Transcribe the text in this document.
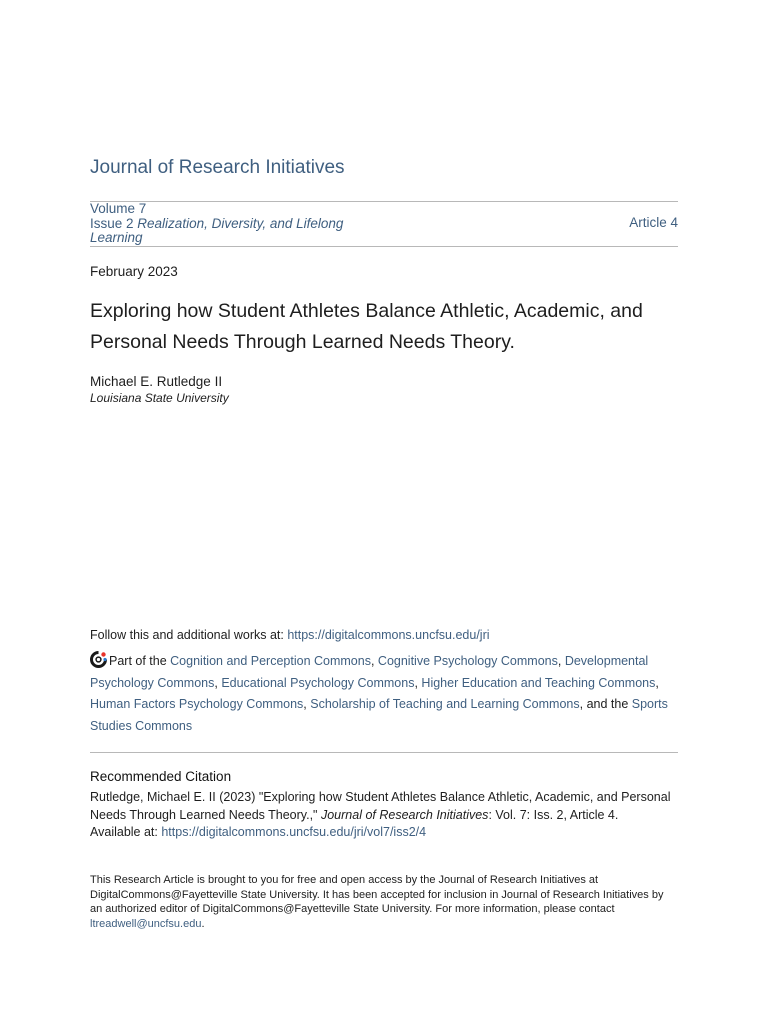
Journal of Research Initiatives
Volume 7
Issue 2 Realization, Diversity, and Lifelong
Learning
Article 4
February 2023
Exploring how Student Athletes Balance Athletic, Academic, and Personal Needs Through Learned Needs Theory.
Michael E. Rutledge II
Louisiana State University
Follow this and additional works at: https://digitalcommons.uncfsu.edu/jri
Part of the Cognition and Perception Commons, Cognitive Psychology Commons, Developmental Psychology Commons, Educational Psychology Commons, Higher Education and Teaching Commons, Human Factors Psychology Commons, Scholarship of Teaching and Learning Commons, and the Sports Studies Commons
Recommended Citation
Rutledge, Michael E. II (2023) "Exploring how Student Athletes Balance Athletic, Academic, and Personal Needs Through Learned Needs Theory.," Journal of Research Initiatives: Vol. 7: Iss. 2, Article 4.
Available at: https://digitalcommons.uncfsu.edu/jri/vol7/iss2/4
This Research Article is brought to you for free and open access by the Journal of Research Initiatives at DigitalCommons@Fayetteville State University. It has been accepted for inclusion in Journal of Research Initiatives by an authorized editor of DigitalCommons@Fayetteville State University. For more information, please contact ltreadwell@uncfsu.edu.
